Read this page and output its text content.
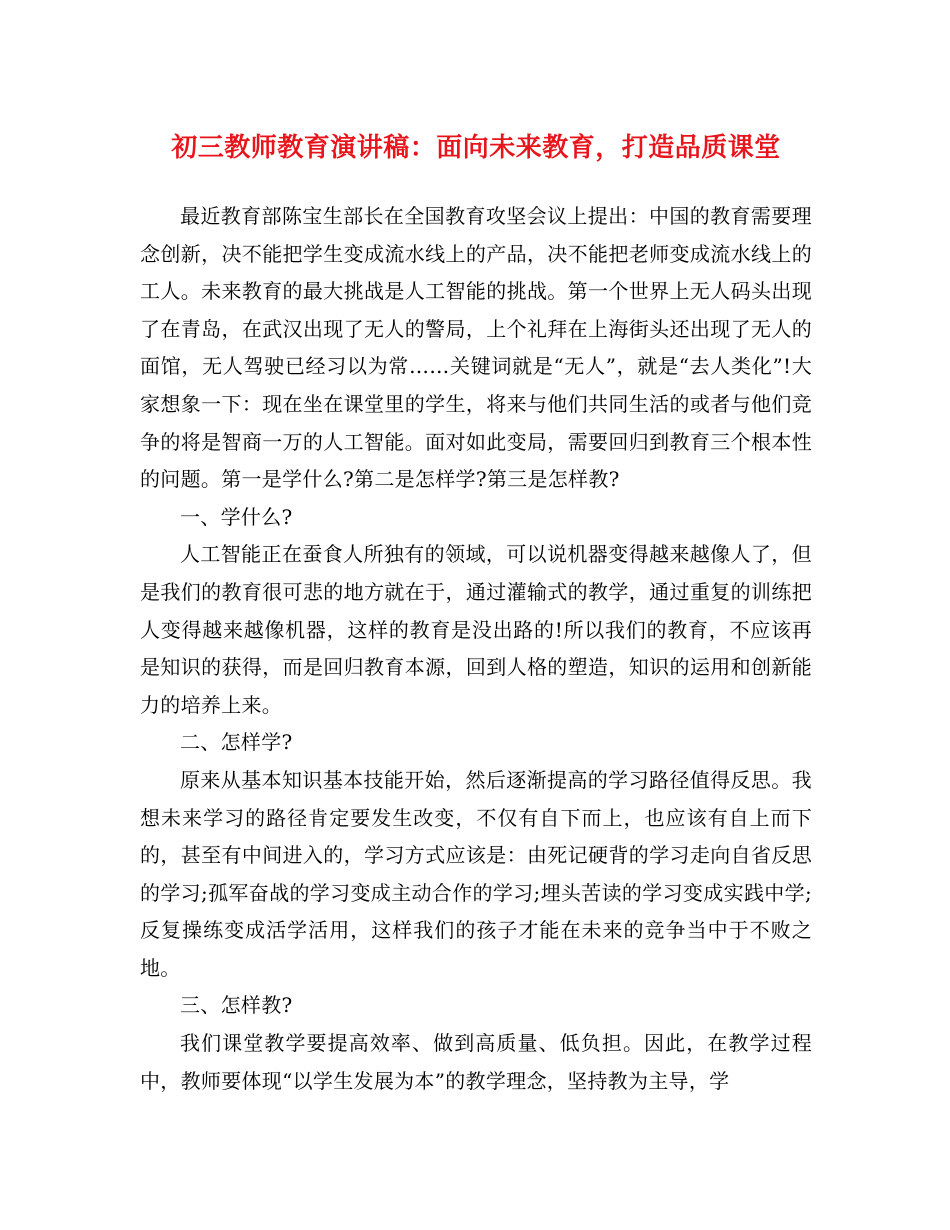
初三教师教育演讲稿：面向未来教育，打造品质课堂

最近教育部陈宝生部长在全国教育攻坚会议上提出：中国的教育需要理念创新，决不能把学生变成流水线上的产品，决不能把老师变成流水线上的工人。未来教育的最大挑战是人工智能的挑战。第一个世界上无人码头出现了在青岛，在武汉出现了无人的警局，上个礼拜在上海街头还出现了无人的面馆，无人驾驶已经习以为常……关键词就是“无人”，就是“去人类化”!大家想象一下：现在坐在课堂里的学生，将来与他们共同生活的或者与他们竞争的将是智商一万的人工智能。面对如此变局，需要回归到教育三个根本性的问题。第一是学什么?第二是怎样学?第三是怎样教?

一、学什么?

人工智能正在蚕食人所独有的领域，可以说机器变得越来越像人了，但是我们的教育很可悲的地方就在于，通过灌输式的教学，通过重复的训练把人变得越来越像机器，这样的教育是没出路的!所以我们的教育，不应该再是知识的获得，而是回归教育本源，回到人格的塑造，知识的运用和创新能力的培养上来。

二、怎样学?

原来从基本知识基本技能开始，然后逐渐提高的学习路径值得反思。我想未来学习的路径肯定要发生改变，不仅有自下而上，也应该有自上而下的，甚至有中间进入的，学习方式应该是：由死记硬背的学习走向自省反思的学习;孤军奋战的学习变成主动合作的学习;埋头苦读的学习变成实践中学;反复操练变成活学活用，这样我们的孩子才能在未来的竞争当中于不败之地。

三、怎样教?

我们课堂教学要提高效率、做到高质量、低负担。因此，在教学过程中，教师要体现“以学生发展为本”的教学理念，坚持教为主导，学
